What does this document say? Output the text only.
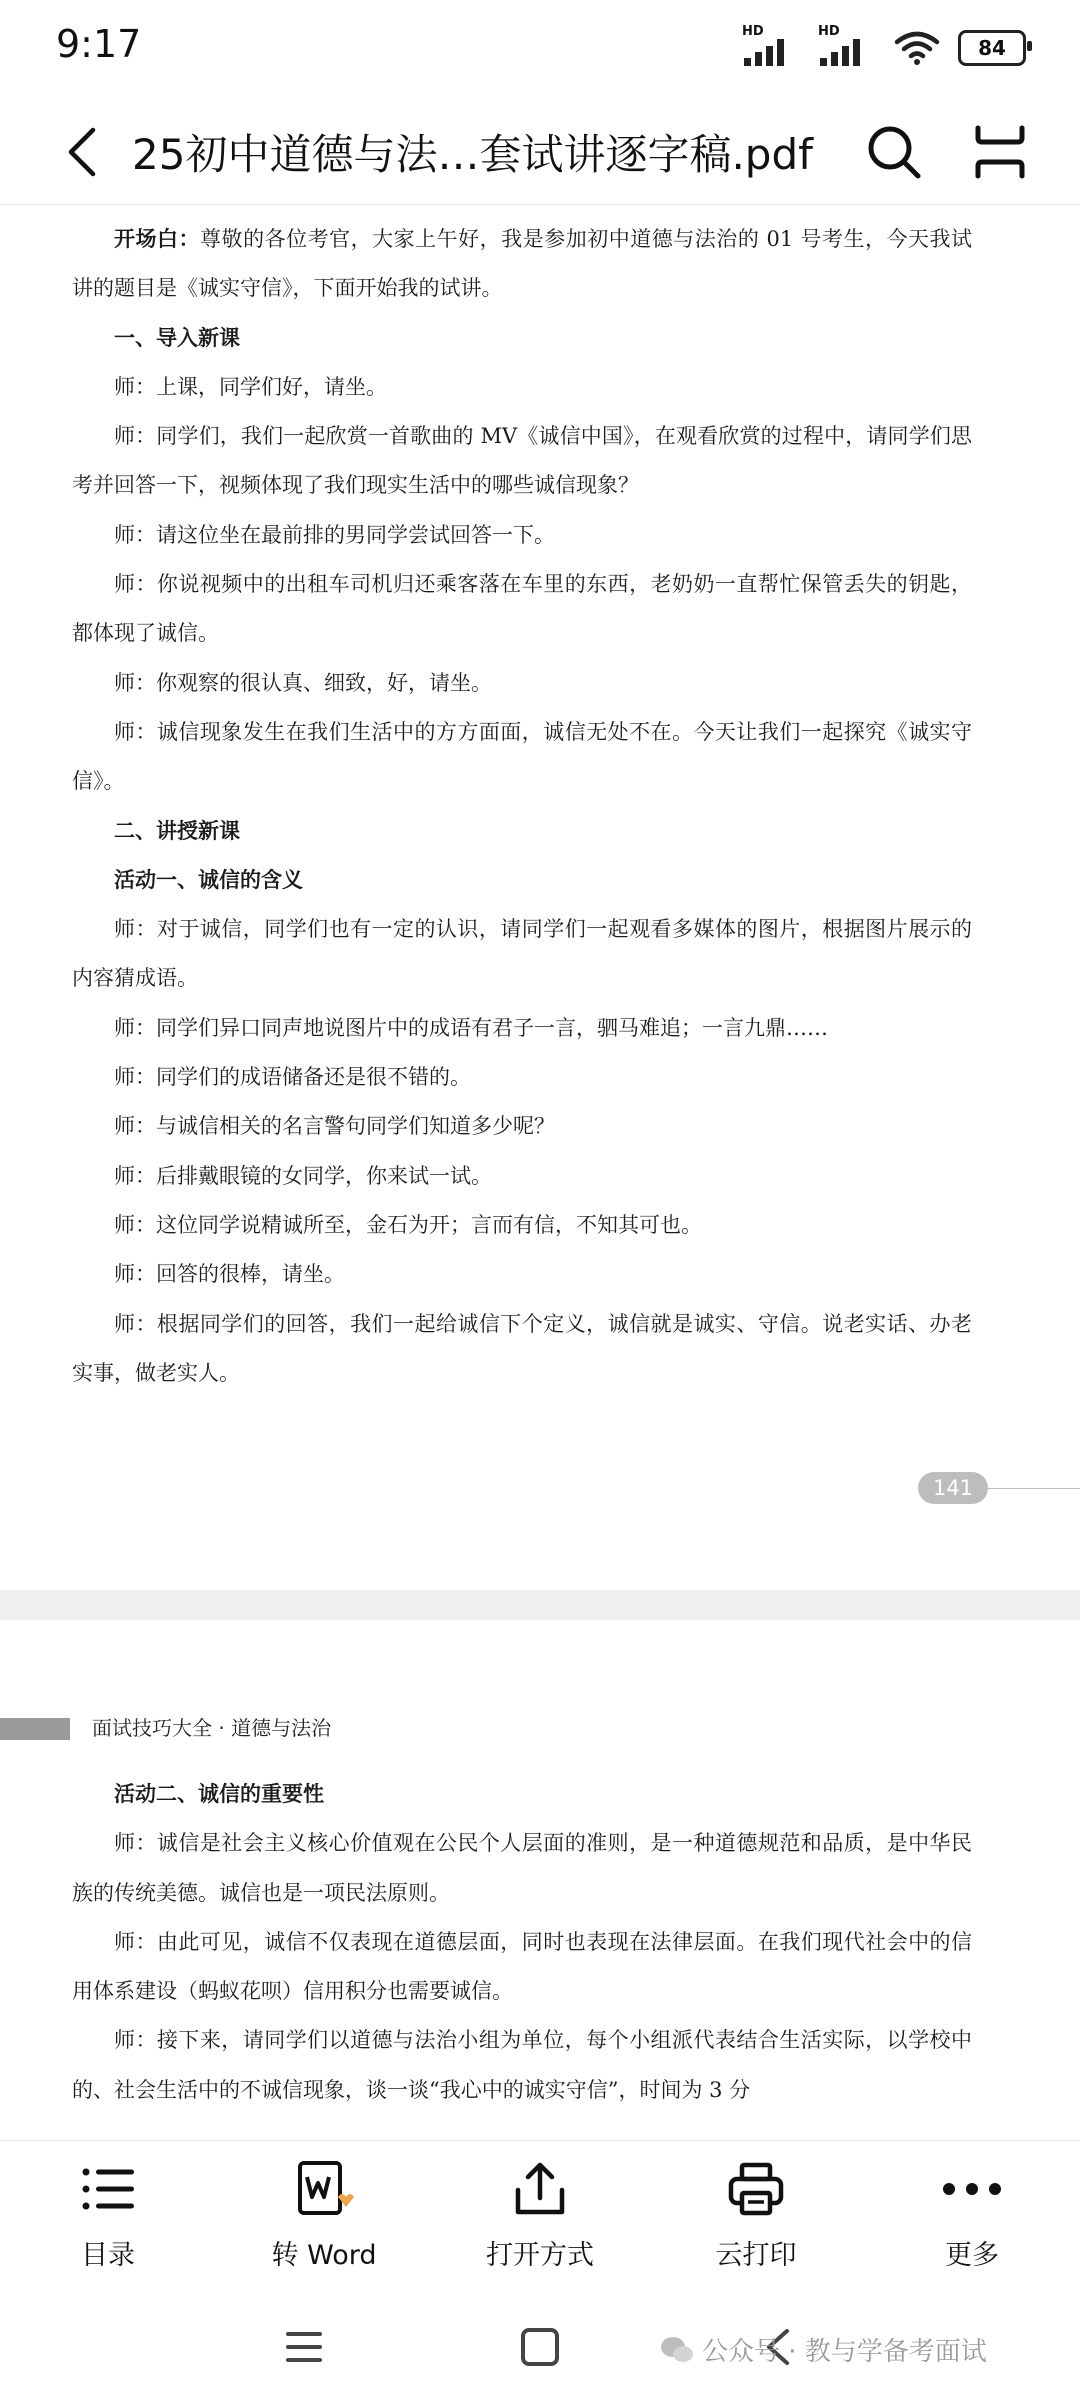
9:17	HD	HD
84
25初中道德与法…套试讲逐字稿.pdf

开场白：尊敬的各位考官，大家上午好，我是参加初中道德与法治的 01 号考生，今天我试讲的题目是《诚实守信》，下面开始我的试讲。

一、导入新课

师：上课，同学们好，请坐。

师：同学们，我们一起欣赏一首歌曲的 MV《诚信中国》，在观看欣赏的过程中，请同学们思考并回答一下，视频体现了我们现实生活中的哪些诚信现象？

师：请这位坐在最前排的男同学尝试回答一下。

师：你说视频中的出租车司机归还乘客落在车里的东西，老奶奶一直帮忙保管丢失的钥匙，都体现了诚信。

师：你观察的很认真、细致，好，请坐。

师：诚信现象发生在我们生活中的方方面面，诚信无处不在。今天让我们一起探究《诚实守信》。

二、讲授新课

活动一、诚信的含义

师：对于诚信，同学们也有一定的认识，请同学们一起观看多媒体的图片，根据图片展示的内容猜成语。

师：同学们异口同声地说图片中的成语有君子一言，驷马难追；一言九鼎……

师：同学们的成语储备还是很不错的。

师：与诚信相关的名言警句同学们知道多少呢？

师：后排戴眼镜的女同学，你来试一试。

师：这位同学说精诚所至，金石为开；言而有信，不知其可也。

师：回答的很棒，请坐。

师：根据同学们的回答，我们一起给诚信下个定义，诚信就是诚实、守信。说老实话、办老实事，做老实人。

141
面试技巧大全 · 道德与法治

活动二、诚信的重要性

师：诚信是社会主义核心价值观在公民个人层面的准则，是一种道德规范和品质，是中华民族的传统美德。诚信也是一项民法原则。

师：由此可见，诚信不仅表现在道德层面，同时也表现在法律层面。在我们现代社会中的信用体系建设（蚂蚁花呗）信用积分也需要诚信。

师：接下来，请同学们以道德与法治小组为单位，每个小组派代表结合生活实际，以学校中的、社会生活中的不诚信现象，谈一谈“我心中的诚实守信”，时间为 3 分

目录	转 Word	打开方式	云打印	更多
公众号 · 教与学备考面试
